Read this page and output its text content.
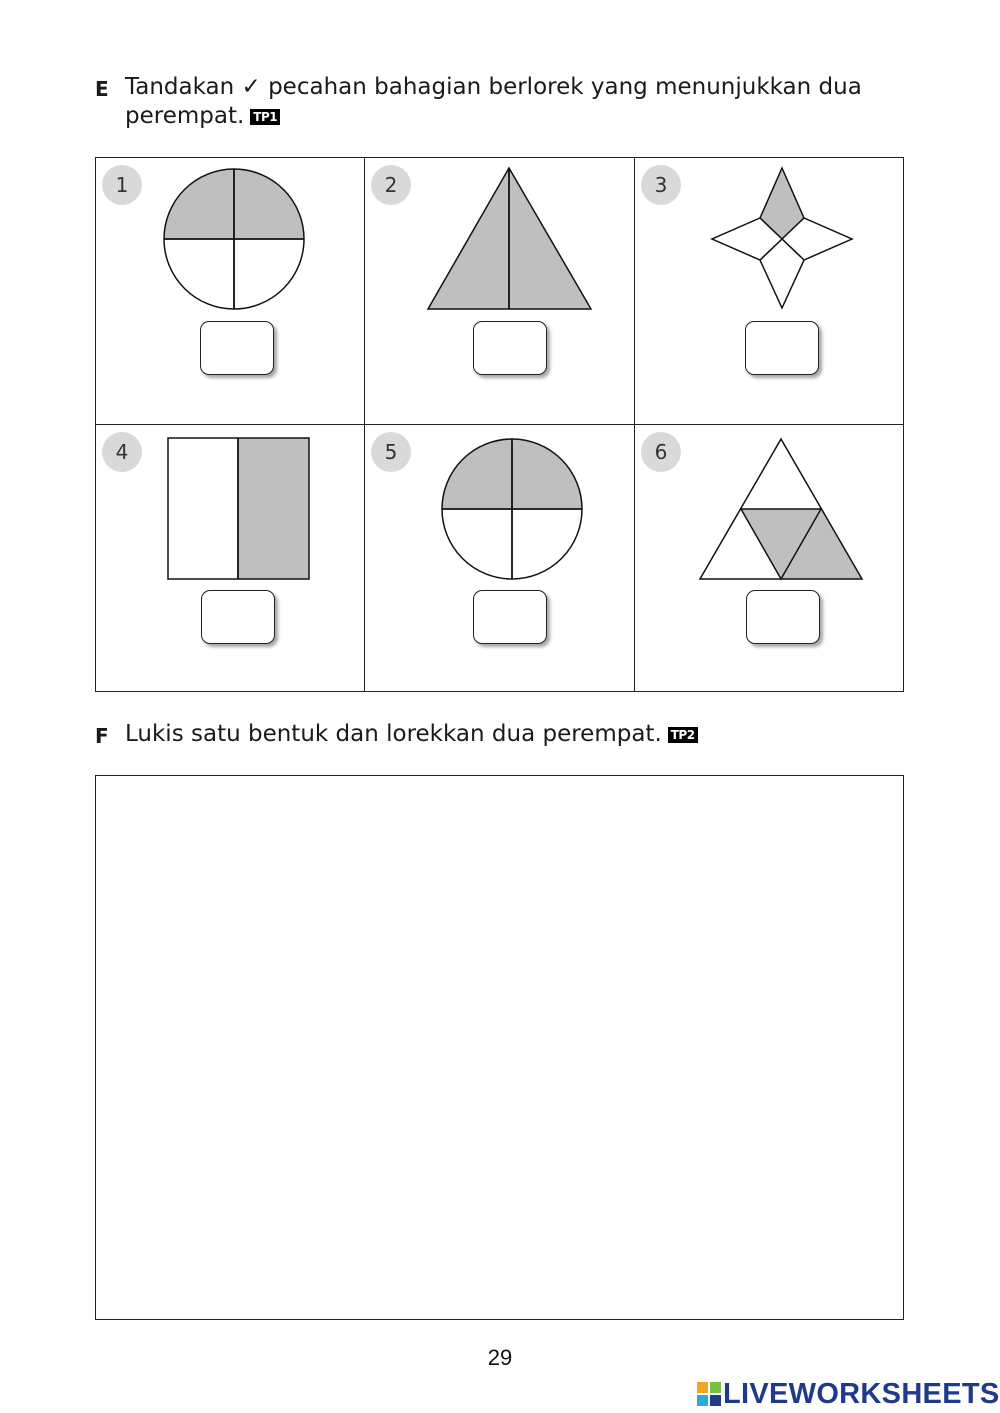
E Tandakan ✓ pecahan bahagian berlorek yang menunjukkan dua
perempat. TP1
1	2	3
4	5	6
F Lukis satu bentuk dan lorekkan dua perempat. TP2
29
LIVEWORKSHEETS
